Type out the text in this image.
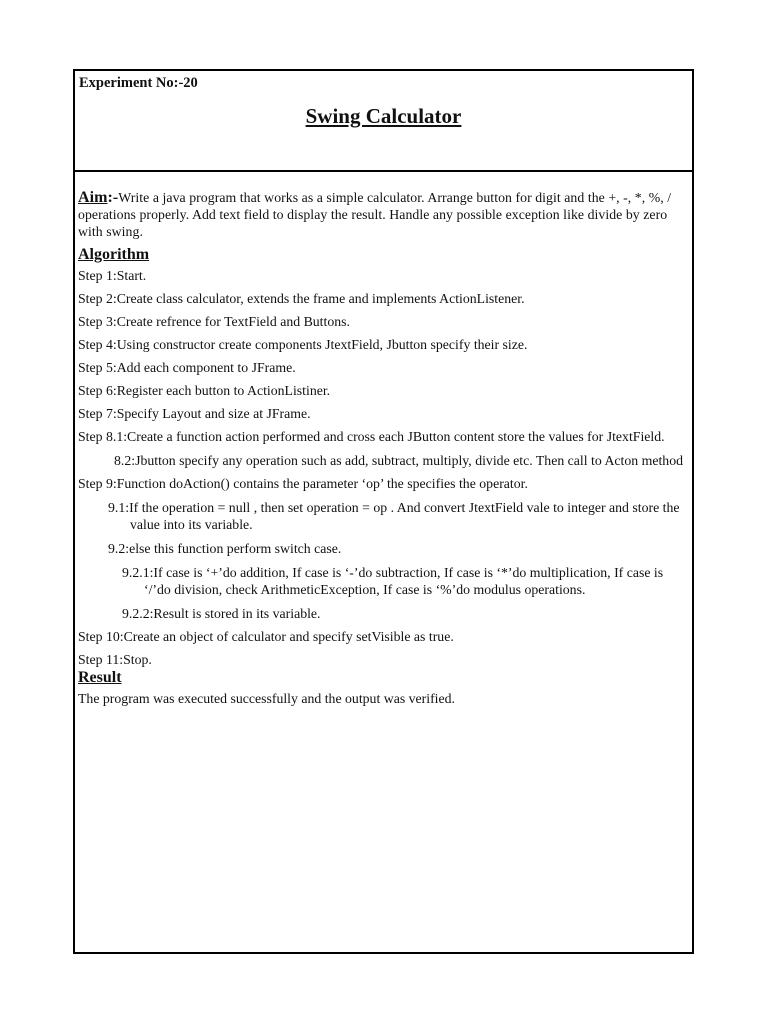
Experiment No:-20
Swing Calculator

Aim:-Write a java program that works as a simple calculator. Arrange button for digit and the +, -, *, %, / operations properly. Add text field to display the result. Handle any possible exception like divide by zero with swing.

Algorithm

Step 1:Start.
Step 2:Create class calculator, extends the frame and implements ActionListener.
Step 3:Create refrence for TextField and Buttons.
Step 4:Using constructor create components JtextField, Jbutton specify their size.
Step 5:Add each component to JFrame.
Step 6:Register each button to ActionListiner.
Step 7:Specify Layout and size at JFrame.
Step 8.1:Create a function action performed and cross each JButton content store the values for JtextField.
8.2:Jbutton specify any operation such as add, subtract, multiply, divide etc. Then call to Acton method
Step 9:Function doAction() contains the parameter ‘op’ the specifies the operator.
9.1:If the operation = null , then set operation = op . And convert JtextField vale to integer and store the value into its variable.
9.2:else this function perform switch case.
9.2.1:If case is ‘+’do addition, If case is ‘-’do subtraction, If case is ‘*’do multiplication, If case is ‘/’do division, check ArithmeticException, If case is ‘%’do modulus operations.
9.2.2:Result is stored in its variable.
Step 10:Create an object of calculator and specify setVisible as true.
Step 11:Stop.

Result

The program was executed successfully and the output was verified.
